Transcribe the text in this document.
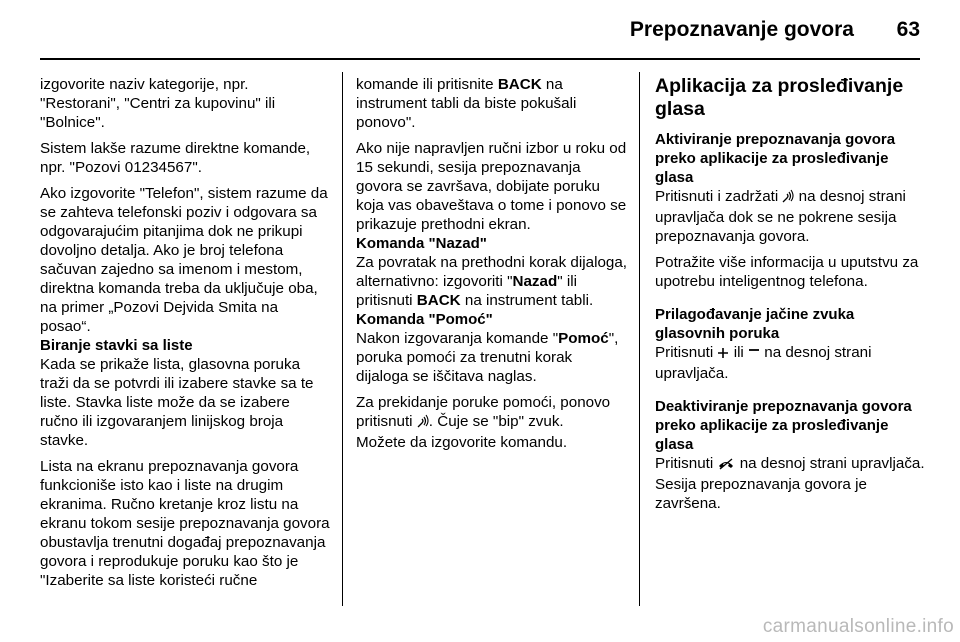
Prepoznavanje govora 63

izgovorite naziv kategorije, npr. "Restorani", "Centri za kupovinu" ili "Bolnice".

Sistem lakše razume direktne komande, npr. "Pozovi 01234567".

Ako izgovorite "Telefon", sistem razume da se zahteva telefonski poziv i odgovara sa odgovarajućim pitanjima dok ne prikupi dovoljno detalja. Ako je broj telefona sačuvan zajedno sa imenom i mestom, direktna komanda treba da uključuje oba, na primer „Pozovi Dejvida Smita na posao“.

Biranje stavki sa liste

Kada se prikaže lista, glasovna poruka traži da se potvrdi ili izabere stavke sa te liste. Stavka liste može da se izabere ručno ili izgovaranjem linijskog broja stavke.

Lista na ekranu prepoznavanja govora funkcioniše isto kao i liste na drugim ekranima. Ručno kretanje kroz listu na ekranu tokom sesije prepoznavanja govora obustavlja trenutni događaj prepoznavanja govora i reprodukuje poruku kao što je "Izaberite sa liste koristeći ručne

komande ili pritisnite BACK na instrument tabli da biste pokušali ponovo".

Ako nije napravljen ručni izbor u roku od 15 sekundi, sesija prepoznavanja govora se završava, dobijate poruku koja vas obaveštava o tome i ponovo se prikazuje prethodni ekran.

Komanda "Nazad"

Za povratak na prethodni korak dijaloga, alternativno: izgovoriti "Nazad" ili pritisnuti BACK na instrument tabli.

Komanda "Pomoć"

Nakon izgovaranja komande "Pomoć", poruka pomoći za trenutni korak dijaloga se iščitava naglas.

Za prekidanje poruke pomoći, ponovo pritisnuti . Čuje se "bip" zvuk.

Možete da izgovorite komandu.

Aplikacija za prosleđivanje glasa
Aktiviranje prepoznavanja govora preko aplikacije za prosleđivanje glasa

Pritisnuti i zadržati  na desnoj strani upravljača dok se ne pokrene sesija prepoznavanja govora.

Potražite više informacija u uputstvu za upotrebu inteligentnog telefona.

Prilagođavanje jačine zvuka glasovnih poruka

Pritisnuti  ili  na desnoj strani upravljača.

Deaktiviranje prepoznavanja govora preko aplikacije za prosleđivanje glasa

Pritisnuti  na desnoj strani upravljača. Sesija prepoznavanja govora je završena.

carmanualsonline.info
